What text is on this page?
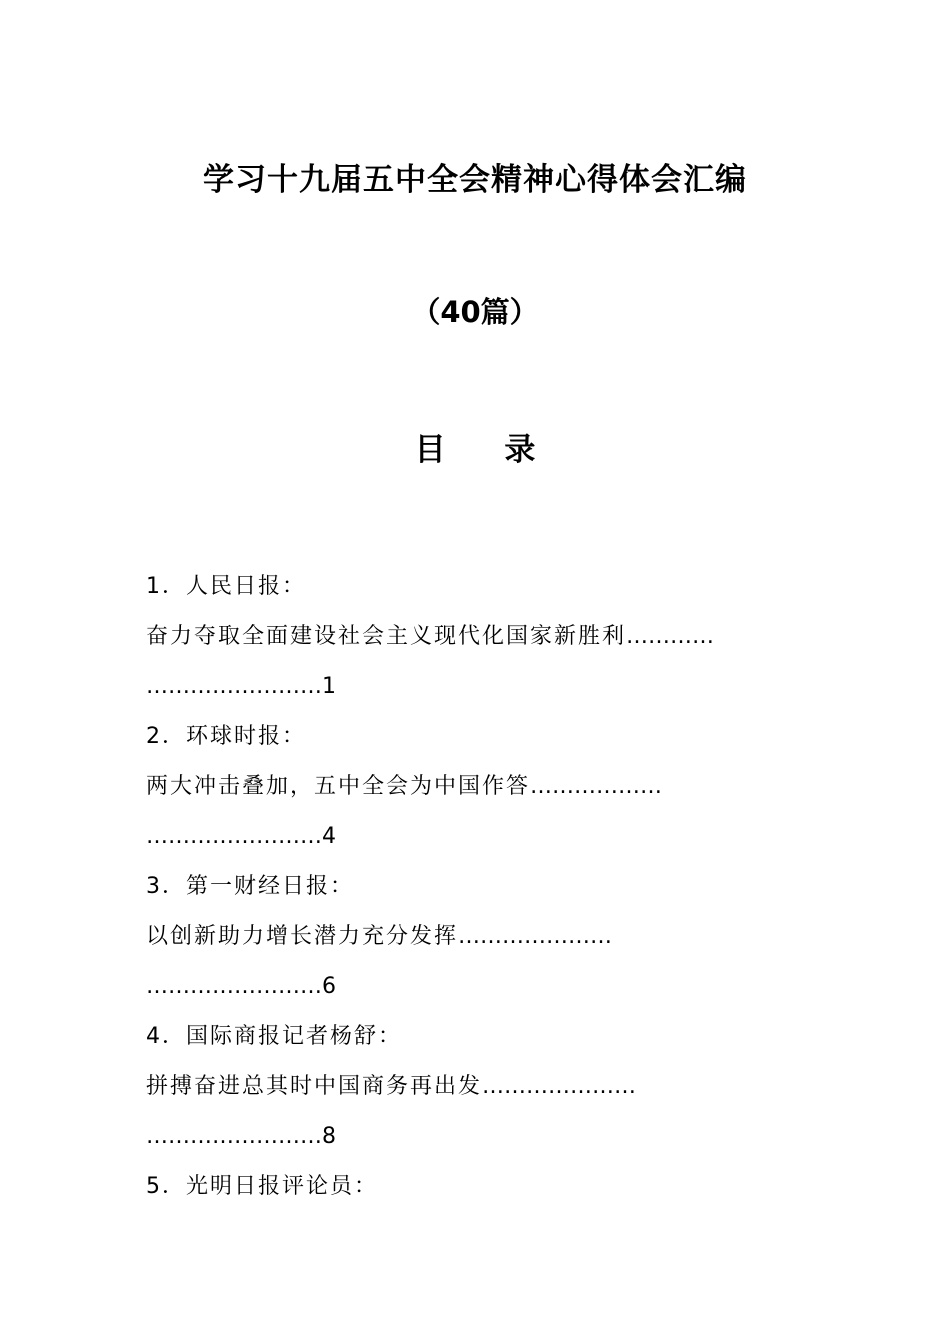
学习十九届五中全会精神心得体会汇编
（40篇）
目 录
1．人民日报：
奋力夺取全面建设社会主义现代化国家新胜利…………
……………………1
2．环球时报：
两大冲击叠加，五中全会为中国作答………………
……………………4
3．第一财经日报：
以创新助力增长潜力充分发挥…………………
……………………6
4．国际商报记者杨舒：
拼搏奋进总其时中国商务再出发…………………
……………………8
5．光明日报评论员：
